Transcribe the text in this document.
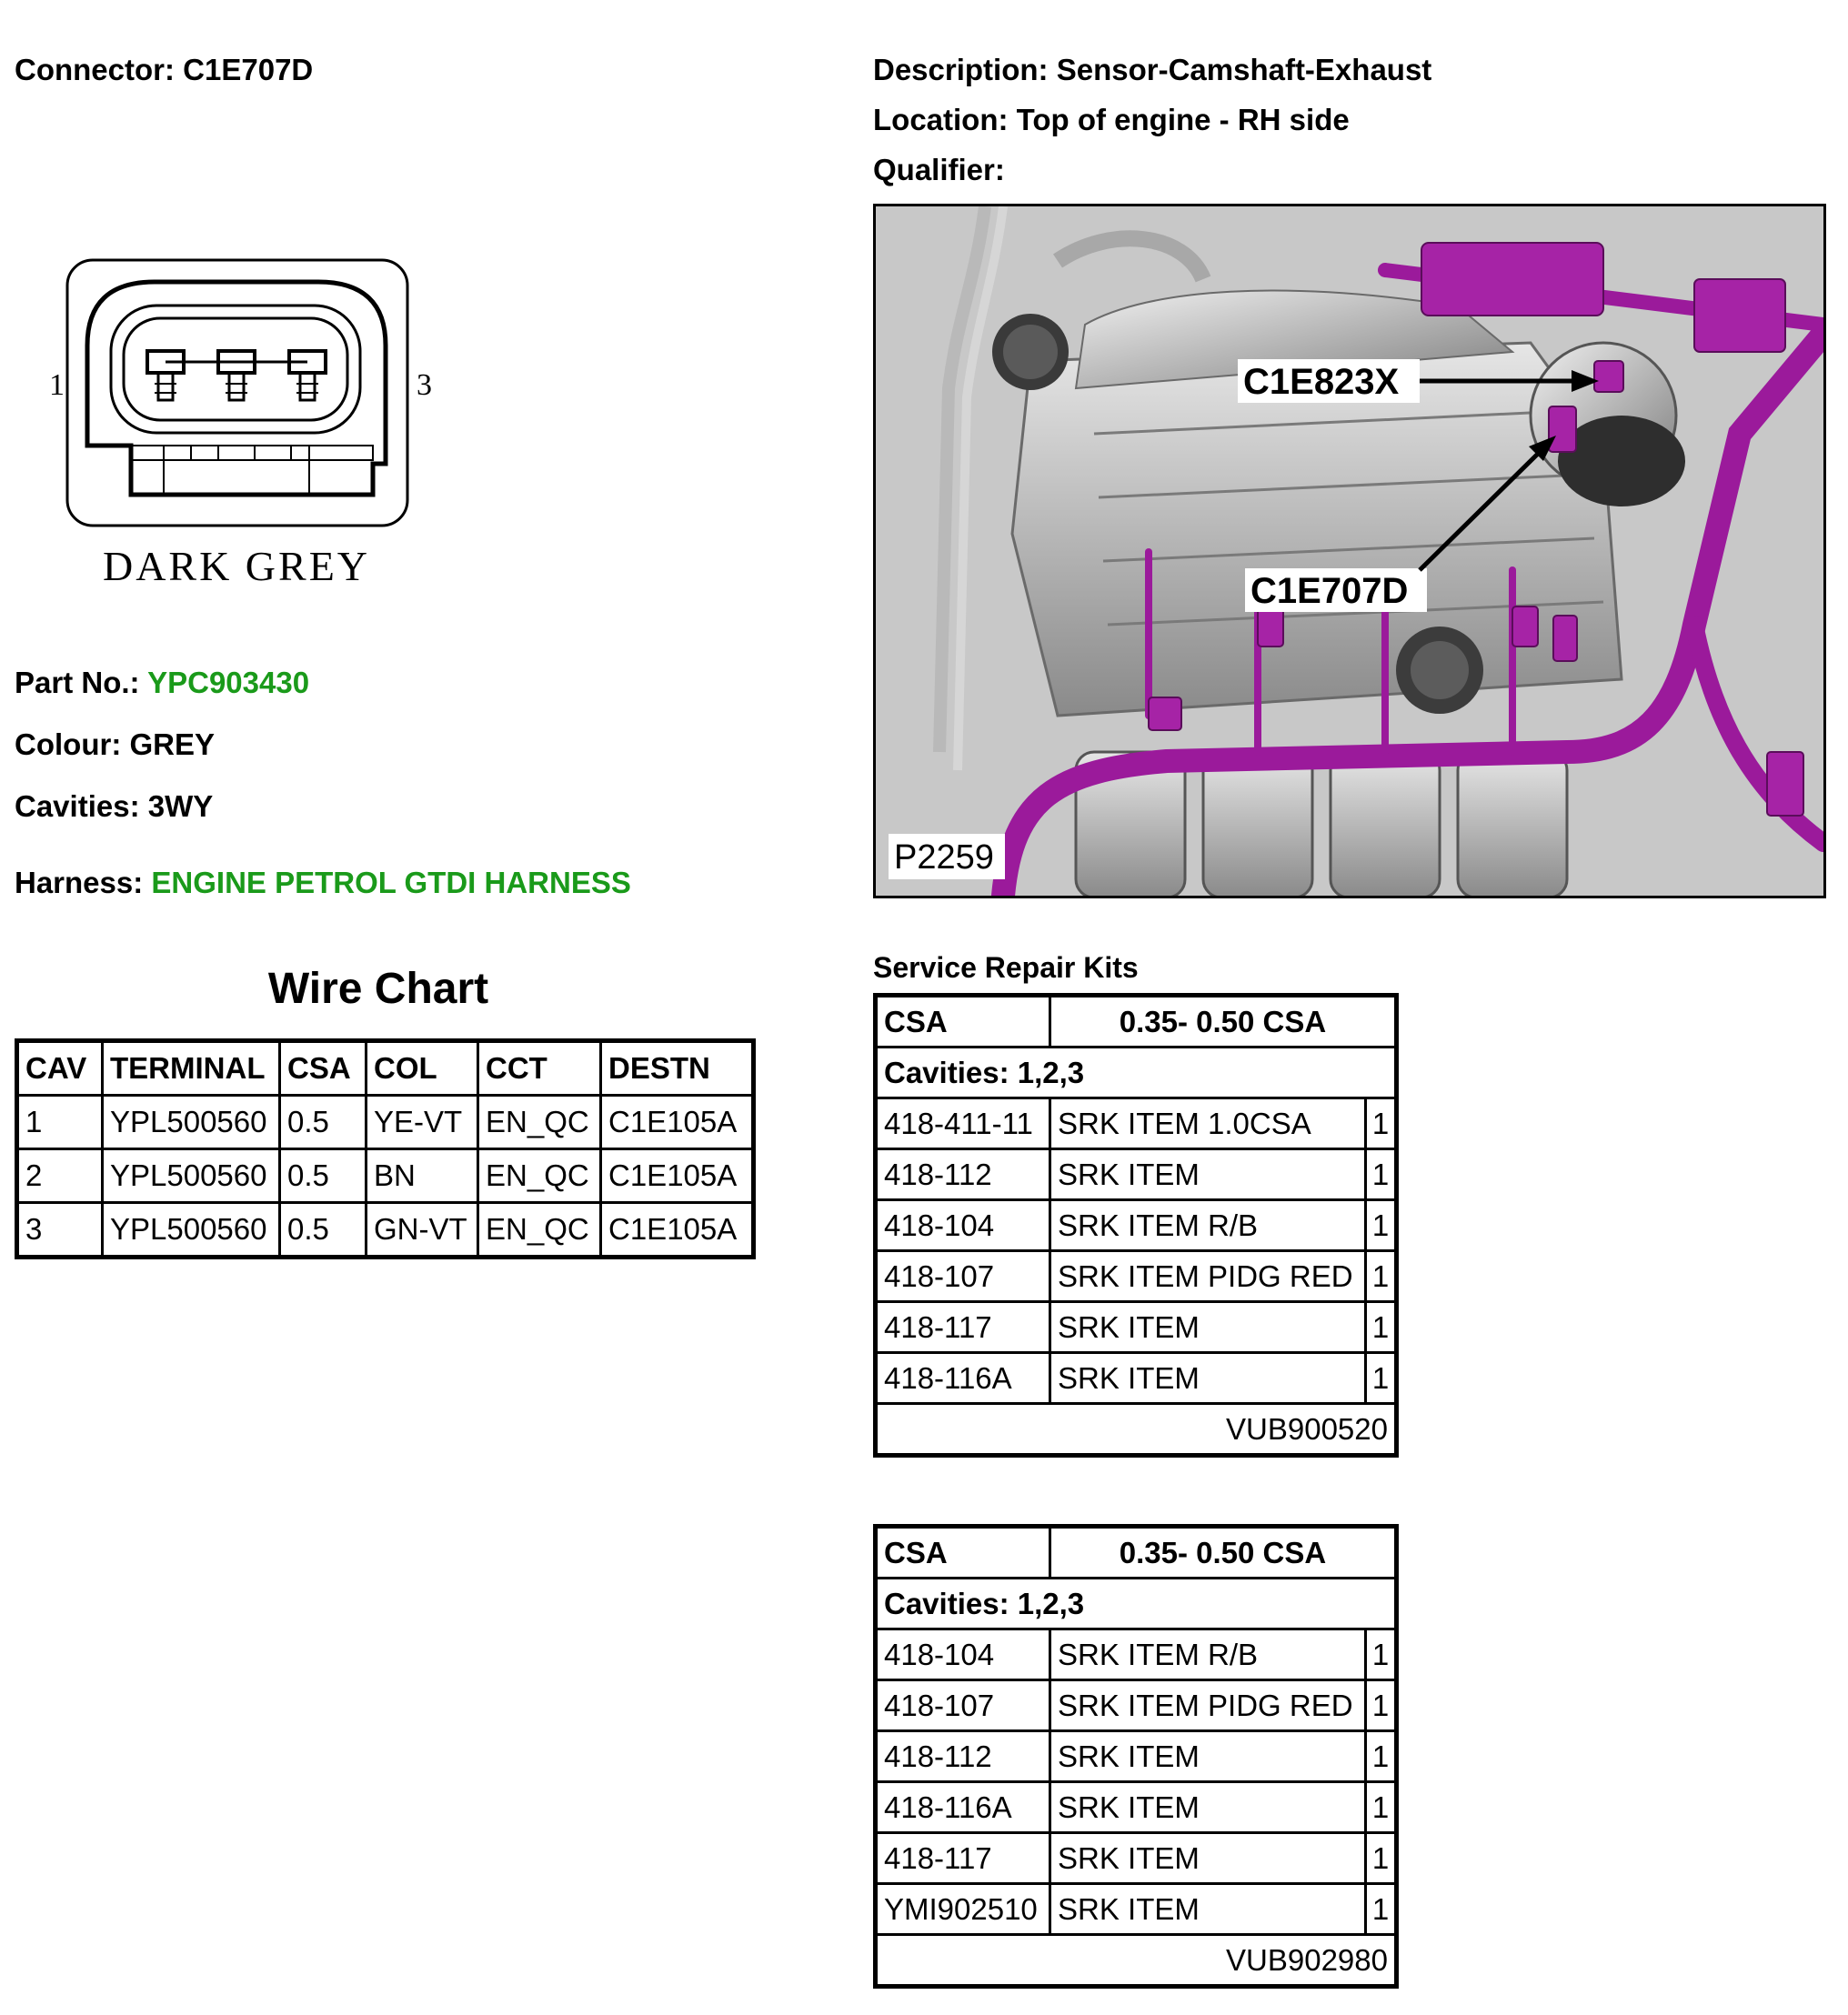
Connector: C1E707D	Description: Sensor-Camshaft-Exhaust
Location: Top of engine - RH side
Qualifier:
1	3
DARK GREY
Part No.: YPC903430
Colour: GREY
Cavities: 3WY
Harness: ENGINE PETROL GTDI HARNESS
Wire Chart
CAV	TERMINAL	CSA	COL	CCT	DESTN
1	YPL500560	0.5	YE-VT	EN_QC	C1E105A
2	YPL500560	0.5	BN	EN_QC	C1E105A
3	YPL500560	0.5	GN-VT	EN_QC	C1E105A
C1E823X
C1E707D
P2259
Service Repair Kits
CSA	0.35- 0.50 CSA	
Cavities: 1,2,3		
418-411-11	SRK ITEM 1.0CSA	1
418-112	SRK ITEM	1
418-104	SRK ITEM R/B	1
418-107	SRK ITEM PIDG RED	1
418-117	SRK ITEM	1
418-116A	SRK ITEM	1
VUB900520		
CSA	0.35- 0.50 CSA	
Cavities: 1,2,3		
418-104	SRK ITEM R/B	1
418-107	SRK ITEM PIDG RED	1
418-112	SRK ITEM	1
418-116A	SRK ITEM	1
418-117	SRK ITEM	1
YMI902510	SRK ITEM	1
VUB902980		
